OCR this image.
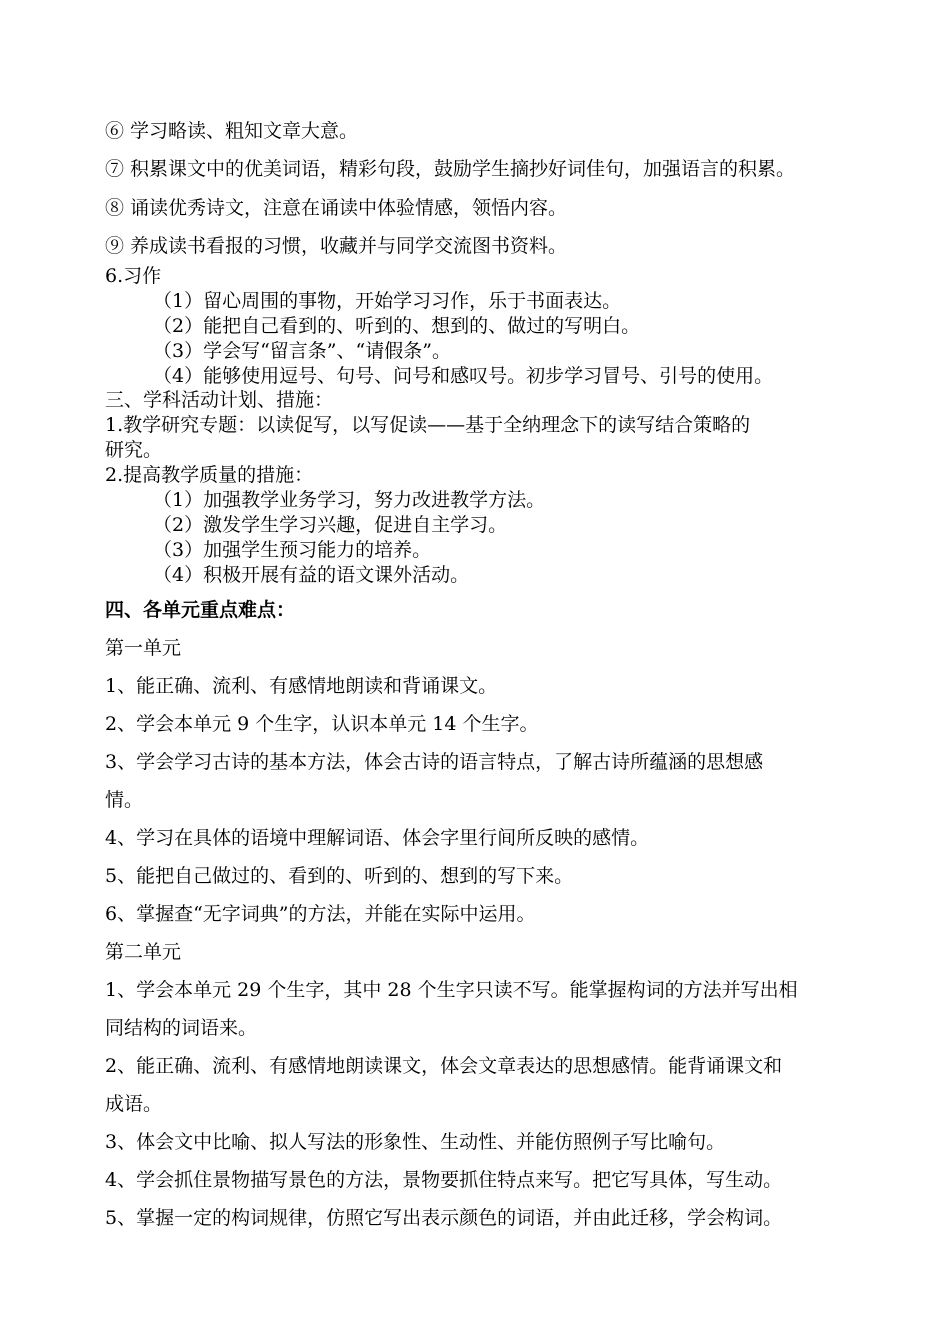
⑥ 学习略读、粗知文章大意。

⑦ 积累课文中的优美词语，精彩句段，鼓励学生摘抄好词佳句，加强语言的积累。

⑧ 诵读优秀诗文，注意在诵读中体验情感，领悟内容。

⑨ 养成读书看报的习惯，收藏并与同学交流图书资料。

6.习作

（1）留心周围的事物，开始学习习作，乐于书面表达。

（2）能把自己看到的、听到的、想到的、做过的写明白。

（3）学会写“留言条”、“请假条”。

（4）能够使用逗号、句号、问号和感叹号。初步学习冒号、引号的使用。

三、学科活动计划、措施：

1.教学研究专题：以读促写，以写促读——基于全纳理念下的读写结合策略的

研究。

2.提高教学质量的措施：

（1）加强教学业务学习，努力改进教学方法。

（2）激发学生学习兴趣，促进自主学习。

（3）加强学生预习能力的培养。

（4）积极开展有益的语文课外活动。

四、各单元重点难点：

第一单元

1、能正确、流利、有感情地朗读和背诵课文。

2、学会本单元 9 个生字，认识本单元 14 个生字。

3、学会学习古诗的基本方法，体会古诗的语言特点，了解古诗所蕴涵的思想感

情。

4、学习在具体的语境中理解词语、体会字里行间所反映的感情。

5、能把自己做过的、看到的、听到的、想到的写下来。

6、掌握查“无字词典”的方法，并能在实际中运用。

第二单元

1、学会本单元 29 个生字，其中 28 个生字只读不写。能掌握构词的方法并写出相

同结构的词语来。

2、能正确、流利、有感情地朗读课文，体会文章表达的思想感情。能背诵课文和

成语。

3、体会文中比喻、拟人写法的形象性、生动性、并能仿照例子写比喻句。

4、学会抓住景物描写景色的方法，景物要抓住特点来写。把它写具体，写生动。

5、掌握一定的构词规律，仿照它写出表示颜色的词语，并由此迁移，学会构词。
